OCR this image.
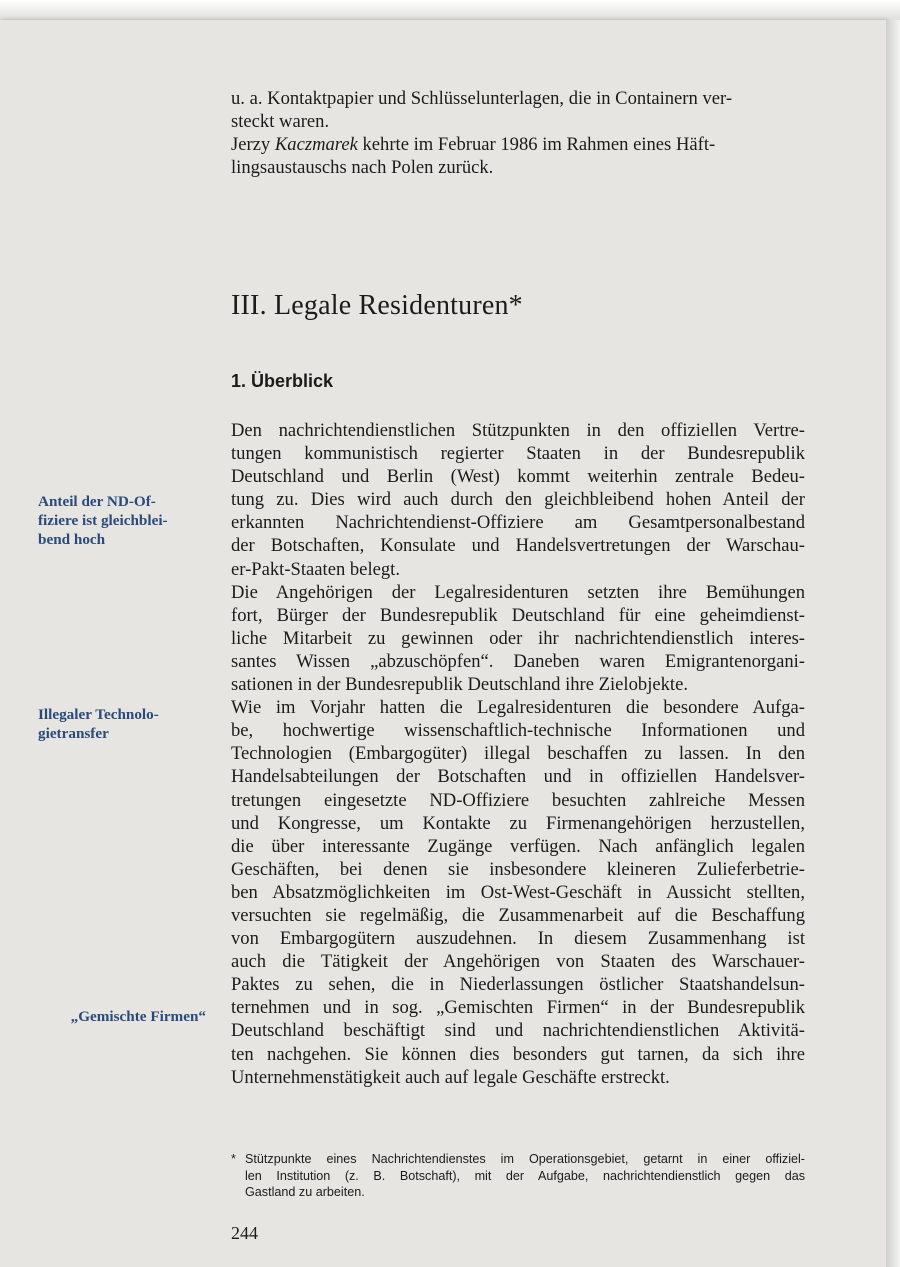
u. a. Kontaktpapier und Schlüsselunterlagen, die in Containern ver-
steckt waren.
Jerzy Kaczmarek kehrte im Februar 1986 im Rahmen eines Häft-
lingsaustauschs nach Polen zurück.

III. Legale Residenturen*
1. Überblick

Anteil der ND-Of-
fiziere ist gleichblei-
bend hoch

Illegaler Technolo-
gietransfer

„Gemischte Firmen“

Den nachrichtendienstlichen Stützpunkten in den offiziellen Vertre-
tungen kommunistisch regierter Staaten in der Bundesrepublik
Deutschland und Berlin (West) kommt weiterhin zentrale Bedeu-
tung zu. Dies wird auch durch den gleichbleibend hohen Anteil der
erkannten Nachrichtendienst-Offiziere am Gesamtpersonalbestand
der Botschaften, Konsulate und Handelsvertretungen der Warschau-
er-Pakt-Staaten belegt.

Die Angehörigen der Legalresidenturen setzten ihre Bemühungen
fort, Bürger der Bundesrepublik Deutschland für eine geheimdienst-
liche Mitarbeit zu gewinnen oder ihr nachrichtendienstlich interes-
santes Wissen „abzuschöpfen“. Daneben waren Emigrantenorgani-
sationen in der Bundesrepublik Deutschland ihre Zielobjekte.

Wie im Vorjahr hatten die Legalresidenturen die besondere Aufga-
be, hochwertige wissenschaftlich-technische Informationen und
Technologien (Embargogüter) illegal beschaffen zu lassen. In den
Handelsabteilungen der Botschaften und in offiziellen Handelsver-
tretungen eingesetzte ND-Offiziere besuchten zahlreiche Messen
und Kongresse, um Kontakte zu Firmenangehörigen herzustellen,
die über interessante Zugänge verfügen. Nach anfänglich legalen
Geschäften, bei denen sie insbesondere kleineren Zulieferbetrie-
ben Absatzmöglichkeiten im Ost-West-Geschäft in Aussicht stellten,
versuchten sie regelmäßig, die Zusammenarbeit auf die Beschaffung
von Embargogütern auszudehnen. In diesem Zusammenhang ist
auch die Tätigkeit der Angehörigen von Staaten des Warschauer-
Paktes zu sehen, die in Niederlassungen östlicher Staatshandelsun-
ternehmen und in sog. „Gemischten Firmen“ in der Bundesrepublik
Deutschland beschäftigt sind und nachrichtendienstlichen Aktivitä-
ten nachgehen. Sie können dies besonders gut tarnen, da sich ihre
Unternehmenstätigkeit auch auf legale Geschäfte erstreckt.

* Stützpunkte eines Nachrichtendienstes im Operationsgebiet, getarnt in einer offiziel-
len Institution (z. B. Botschaft), mit der Aufgabe, nachrichtendienstlich gegen das
Gastland zu arbeiten.
244
